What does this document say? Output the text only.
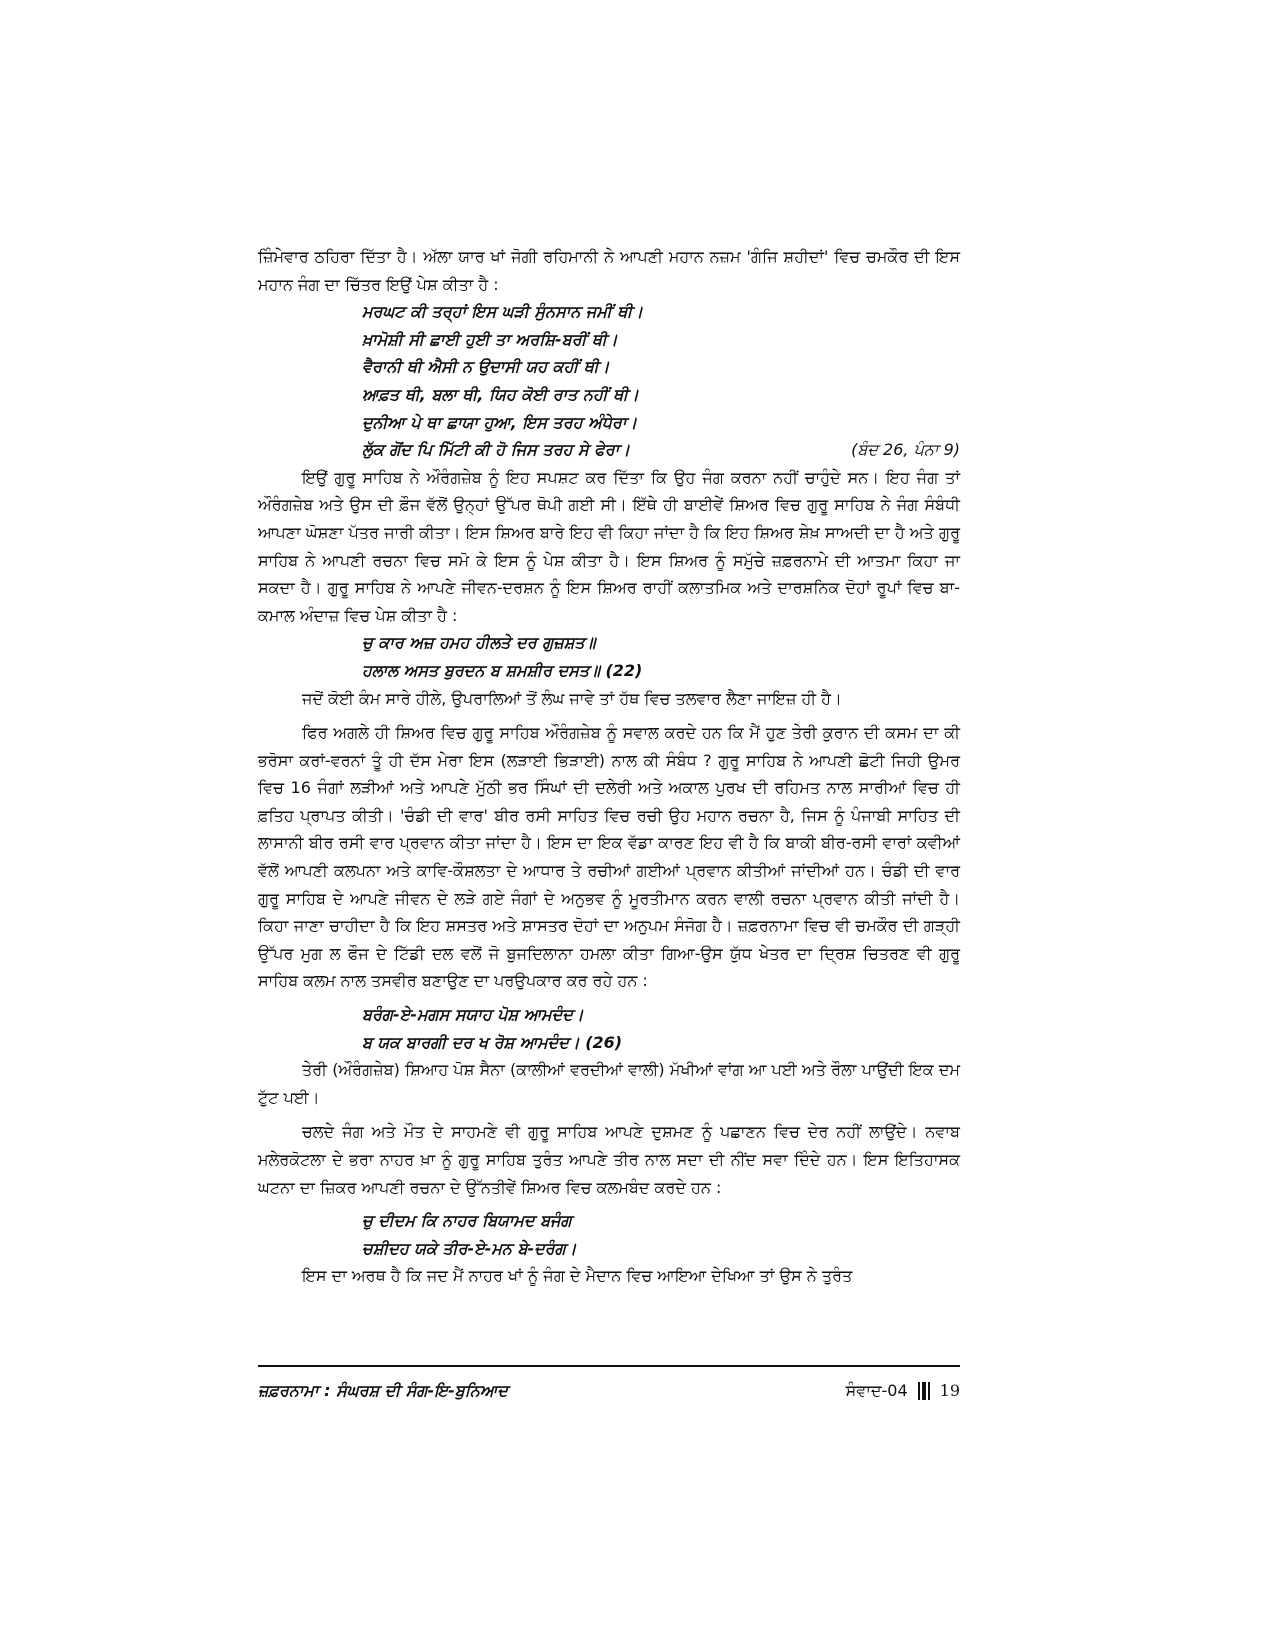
ਜ਼ਿੰਮੇਵਾਰ ਠਹਿਰਾ ਦਿੱਤਾ ਹੈ। ਅੱਲਾ ਯਾਰ ਖਾਂ ਜੋਗੀ ਰਹਿਮਾਨੀ ਨੇ ਆਪਣੀ ਮਹਾਨ ਨਜ਼ਮ 'ਗੰਜਿ ਸ਼ਹੀਦਾਂ' ਵਿਚ ਚਮਕੌਰ ਦੀ ਇਸ ਮਹਾਨ ਜੰਗ ਦਾ ਚਿੱਤਰ ਇਉਂ ਪੇਸ਼ ਕੀਤਾ ਹੈ :

ਮਰਘਟ ਕੀ ਤਰ੍ਹਾਂ ਇਸ ਘੜੀ ਸੁੰਨਸਾਨ ਜਮੀਂ ਥੀ।
ਖ਼ਾਮੋਸ਼ੀ ਸੀ ਛਾਈ ਹੁਈ ਤਾ ਅਰਸ਼ਿ-ਬਰੀਂ ਥੀ।
ਵੈਰਾਨੀ ਥੀ ਐਸੀ ਨ ਉਦਾਸੀ ਯਹ ਕਹੀਂ ਥੀ।
ਆ਼ਫ਼ਤ ਥੀ, ਬਲਾ ਥੀ, ਯਿਹ ਕੋਈ ਰਾਤ ਨਹੀਂ ਥੀ।
ਦੁਨੀਆ ਪੇ ਥਾ ਛਾਯਾ ਹੁਆ, ਇਸ ਤਰਹ ਅੰਧੇਰਾ।
ਲੁੱਕ ਗੋਂਦ ਪਿ ਮਿੱਟੀ ਕੀ ਹੋ ਜਿਸ ਤਰਹ ਸੇ ਫੇਰਾ।	(ਬੰਦ 26, ਪੰਨਾ 9)

ਇਉਂ ਗੁਰੂ ਸਾਹਿਬ ਨੇ ਔਰੰਗਜ਼ੇਬ ਨੂੰ ਇਹ ਸਪਸ਼ਟ ਕਰ ਦਿੱਤਾ ਕਿ ਉਹ ਜੰਗ ਕਰਨਾ ਨਹੀਂ ਚਾਹੁੰਦੇ ਸਨ। ਇਹ ਜੰਗ ਤਾਂ ਔਰੰਗਜ਼ੇਬ ਅਤੇ ਉਸ ਦੀ ਫ਼ੌਜ ਵੱਲੋਂ ਉਨ੍ਹਾਂ ਉੱਪਰ ਥੋਪੀ ਗਈ ਸੀ। ਇੱਥੇ ਹੀ ਬਾਈਵੇਂ ਸ਼ਿਅਰ ਵਿਚ ਗੁਰੂ ਸਾਹਿਬ ਨੇ ਜੰਗ ਸੰਬੰਧੀ ਆਪਣਾ ਘੋਸ਼ਣਾ ਪੱਤਰ ਜਾਰੀ ਕੀਤਾ। ਇਸ ਸ਼ਿਅਰ ਬਾਰੇ ਇਹ ਵੀ ਕਿਹਾ ਜਾਂਦਾ ਹੈ ਕਿ ਇਹ ਸ਼ਿਅਰ ਸ਼ੇਖ਼ ਸਾਅਦੀ ਦਾ ਹੈ ਅਤੇ ਗੁਰੂ ਸਾਹਿਬ ਨੇ ਆਪਣੀ ਰਚਨਾ ਵਿਚ ਸਮੋ ਕੇ ਇਸ ਨੂੰ ਪੇਸ਼ ਕੀਤਾ ਹੈ। ਇਸ ਸ਼ਿਅਰ ਨੂੰ ਸਮੁੱਚੇ ਜ਼ਫ਼ਰਨਾਮੇ ਦੀ ਆਤਮਾ ਕਿਹਾ ਜਾ ਸਕਦਾ ਹੈ। ਗੁਰੂ ਸਾਹਿਬ ਨੇ ਆਪਣੇ ਜੀਵਨ-ਦਰਸ਼ਨ ਨੂੰ ਇਸ ਸ਼ਿਅਰ ਰਾਹੀਂ ਕਲਾਤਮਿਕ ਅਤੇ ਦਾਰਸ਼ਨਿਕ ਦੋਹਾਂ ਰੂਪਾਂ ਵਿਚ ਬਾ-ਕਮਾਲ ਅੰਦਾਜ਼ ਵਿਚ ਪੇਸ਼ ਕੀਤਾ ਹੈ :

ਚੁ ਕਾਰ ਅਜ਼ ਹਮਹ ਹੀਲਤੇ ਦਰ ਗੁਜ਼ਸ਼ਤ॥
ਹਲਾਲ ਅਸਤ ਬੁਰਦਨ ਬ ਸ਼ਮਸ਼ੀਰ ਦਸਤ॥ (22)

ਜਦੋਂ ਕੋਈ ਕੰਮ ਸਾਰੇ ਹੀਲੇ, ਉਪਰਾਲਿਆਂ ਤੋਂ ਲੰਘ ਜਾਵੇ ਤਾਂ ਹੱਥ ਵਿਚ ਤਲਵਾਰ ਲੈਣਾ ਜਾਇਜ਼ ਹੀ ਹੈ।

ਫਿਰ ਅਗਲੇ ਹੀ ਸ਼ਿਅਰ ਵਿਚ ਗੁਰੂ ਸਾਹਿਬ ਔਰੰਗਜ਼ੇਬ ਨੂੰ ਸਵਾਲ ਕਰਦੇ ਹਨ ਕਿ ਮੈਂ ਹੁਣ ਤੇਰੀ ਕੁਰਾਨ ਦੀ ਕਸਮ ਦਾ ਕੀ ਭਰੋਸਾ ਕਰਾਂ-ਵਰਨਾਂ ਤੂੰ ਹੀ ਦੱਸ ਮੇਰਾ ਇਸ (ਲੜਾਈ ਭਿੜਾਈ) ਨਾਲ ਕੀ ਸੰਬੰਧ ? ਗੁਰੂ ਸਾਹਿਬ ਨੇ ਆਪਣੀ ਛੋਟੀ ਜਿਹੀ ਉਮਰ ਵਿਚ 16 ਜੰਗਾਂ ਲੜੀਆਂ ਅਤੇ ਆਪਣੇ ਮੁੱਠੀ ਭਰ ਸਿੰਘਾਂ ਦੀ ਦਲੇਰੀ ਅਤੇ ਅਕਾਲ ਪੁਰਖ ਦੀ ਰਹਿਮਤ ਨਾਲ ਸਾਰੀਆਂ ਵਿਚ ਹੀ ਫ਼ਤਿਹ ਪ੍ਰਾਪਤ ਕੀਤੀ। 'ਚੰਡੀ ਦੀ ਵਾਰ' ਬੀਰ ਰਸੀ ਸਾਹਿਤ ਵਿਚ ਰਚੀ ਉਹ ਮਹਾਨ ਰਚਨਾ ਹੈ, ਜਿਸ ਨੂੰ ਪੰਜਾਬੀ ਸਾਹਿਤ ਦੀ ਲਾਸਾਨੀ ਬੀਰ ਰਸੀ ਵਾਰ ਪ੍ਰਵਾਨ ਕੀਤਾ ਜਾਂਦਾ ਹੈ। ਇਸ ਦਾ ਇਕ ਵੱਡਾ ਕਾਰਣ ਇਹ ਵੀ ਹੈ ਕਿ ਬਾਕੀ ਬੀਰ-ਰਸੀ ਵਾਰਾਂ ਕਵੀਆਂ ਵੱਲੋਂ ਆਪਣੀ ਕਲਪਨਾ ਅਤੇ ਕਾਵਿ-ਕੌਸ਼ਲਤਾ ਦੇ ਆਧਾਰ ਤੇ ਰਚੀਆਂ ਗਈਆਂ ਪ੍ਰਵਾਨ ਕੀਤੀਆਂ ਜਾਂਦੀਆਂ ਹਨ। ਚੰਡੀ ਦੀ ਵਾਰ ਗੁਰੂ ਸਾਹਿਬ ਦੇ ਆਪਣੇ ਜੀਵਨ ਦੇ ਲੜੇ ਗਏ ਜੰਗਾਂ ਦੇ ਅਨੁਭਵ ਨੂੰ ਮੂਰਤੀਮਾਨ ਕਰਨ ਵਾਲੀ ਰਚਨਾ ਪ੍ਰਵਾਨ ਕੀਤੀ ਜਾਂਦੀ ਹੈ। ਕਿਹਾ ਜਾਣਾ ਚਾਹੀਦਾ ਹੈ ਕਿ ਇਹ ਸ਼ਸਤਰ ਅਤੇ ਸ਼ਾਸਤਰ ਦੋਹਾਂ ਦਾ ਅਨੁਪਮ ਸੰਜੋਗ ਹੈ। ਜ਼ਫ਼ਰਨਾਮਾ ਵਿਚ ਵੀ ਚਮਕੌਰ ਦੀ ਗੜ੍ਹੀ ਉੱਪਰ ਮੁਗ ਲ ਫੌਜ ਦੇ ਟਿੱਡੀ ਦਲ ਵਲੋਂ ਜੋ ਬੁਜਦਿਲਾਨਾ ਹਮਲਾ ਕੀਤਾ ਗਿਆ-ਉਸ ਯੁੱਧ ਖੇਤਰ ਦਾ ਦ੍ਰਿਸ਼ ਚਿਤਰਣ ਵੀ ਗੁਰੂ ਸਾਹਿਬ ਕਲਮ ਨਾਲ ਤਸਵੀਰ ਬਣਾਉਣ ਦਾ ਪਰਉਪਕਾਰ ਕਰ ਰਹੇ ਹਨ :

ਬਰੰਗ-ਏ-ਮਗਸ ਸਯਾਹ ਪੋਸ਼ ਆਮਦੰਦ।
ਬ ਯਕ ਬਾਰਗੀ ਦਰ ਖ ਰੋਸ਼ ਆਮਦੰਦ। (26)

ਤੇਰੀ (ਔਰੰਗਜ਼ੇਬ) ਸ਼ਿਆਹ ਪੋਸ਼ ਸੈਨਾ (ਕਾਲੀਆਂ ਵਰਦੀਆਂ ਵਾਲੀ) ਮੱਖੀਆਂ ਵਾਂਗ ਆ ਪਈ ਅਤੇ ਰੌਲਾ ਪਾਉਂਦੀ ਇਕ ਦਮ ਟੁੱਟ ਪਈ।

ਚਲਦੇ ਜੰਗ ਅਤੇ ਮੌਤ ਦੇ ਸਾਹਮਣੇ ਵੀ ਗੁਰੂ ਸਾਹਿਬ ਆਪਣੇ ਦੁਸ਼ਮਣ ਨੂੰ ਪਛਾਣਨ ਵਿਚ ਦੇਰ ਨਹੀਂ ਲਾਉਂਦੇ। ਨਵਾਬ ਮਲੇਰਕੋਟਲਾ ਦੇ ਭਰਾ ਨਾਹਰ ਖ਼ਾ ਨੂੰ ਗੁਰੂ ਸਾਹਿਬ ਤੁਰੰਤ ਆਪਣੇ ਤੀਰ ਨਾਲ ਸਦਾ ਦੀ ਨੀਂਦ ਸਵਾ ਦਿੰਦੇ ਹਨ। ਇਸ ਇਤਿਹਾਸਕ ਘਟਨਾ ਦਾ ਜ਼ਿਕਰ ਆਪਣੀ ਰਚਨਾ ਦੇ ਉੱਨਤੀਵੇਂ ਸ਼ਿਅਰ ਵਿਚ ਕਲਮਬੰਦ ਕਰਦੇ ਹਨ :

ਚੁ ਦੀਦਮ ਕਿ ਨਾਹਰ ਬਿਯਾਮਦ ਬਜੰਗ
ਚਸ਼ੀਦਹ ਯਕੇ ਤੀਰ-ਏ-ਮਨ ਬੇ-ਦਰੰਗ।

ਇਸ ਦਾ ਅਰਥ ਹੈ ਕਿ ਜਦ ਮੈਂ ਨਾਹਰ ਖਾਂ ਨੂੰ ਜੰਗ ਦੇ ਮੈਦਾਨ ਵਿਚ ਆਇਆ ਦੇਖਿਆ ਤਾਂ ਉਸ ਨੇ ਤੁਰੰਤ

ਜ਼ਫ਼ਰਨਾਮਾ : ਸੰਘਰਸ਼ ਦੀ ਸੰਗ-ਇ-ਬੁਨਿਆਦ	ਸੰਵਾਦ-04 19
